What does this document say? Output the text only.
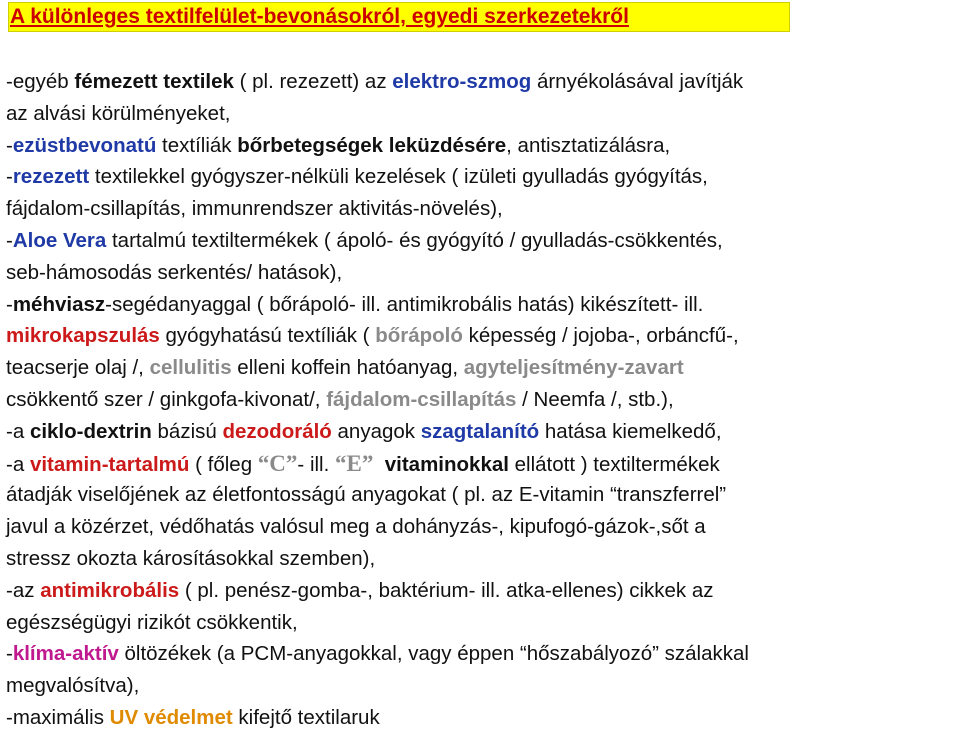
A különleges textilfelület-bevonásokról, egyedi szerkezetekről
-egyéb fémezett textilek ( pl. rezezett) az elektro-szmog árnyékolásával javítják
az alvási körülményeket,
-ezüstbevonatú textíliák bőrbetegségek leküzdésére, antisztatizálásra,
-rezezett textilekkel gyógyszer-nélküli kezelések ( izületi gyulladás gyógyítás,
fájdalom-csillapítás, immunrendszer aktivitás-növelés),
-Aloe Vera tartalmú textiltermékek ( ápoló- és gyógyító / gyulladás-csökkentés,
seb-hámosodás serkentés/ hatások),
-méhviasz-segédanyaggal ( bőrápoló- ill. antimikrobális hatás) kikészített- ill.
mikrokapszulás gyógyhatású textíliák ( bőrápoló képesség / jojoba-, orbáncfű-,
teacserje olaj /, cellulitis elleni koffein hatóanyag, agyteljesítmény-zavart
csökkentő szer / ginkgofa-kivonat/, fájdalom-csillapítás / Neemfa /, stb.),
-a ciklo-dextrin bázisú dezodoráló anyagok szagtalanító hatása kiemelkedő,
-a vitamin-tartalmú ( főleg “C”- ill. “E” vitaminokkal ellátott ) textiltermékek
átadják viselőjének az életfontosságú anyagokat ( pl. az E-vitamin “transzferrel”
javul a közérzet, védőhatás valósul meg a dohányzás-, kipufogó-gázok-,sőt a
stressz okozta károsításokkal szemben),
-az antimikrobális ( pl. penész-gomba-, baktérium- ill. atka-ellenes) cikkek az
egészségügyi rizikót csökkentik,
-klíma-aktív öltözékek (a PCM-anyagokkal, vagy éppen “hőszabályozó” szálakkal
megvalósítva),
-maximális UV védelmet kifejtő textilaruk
